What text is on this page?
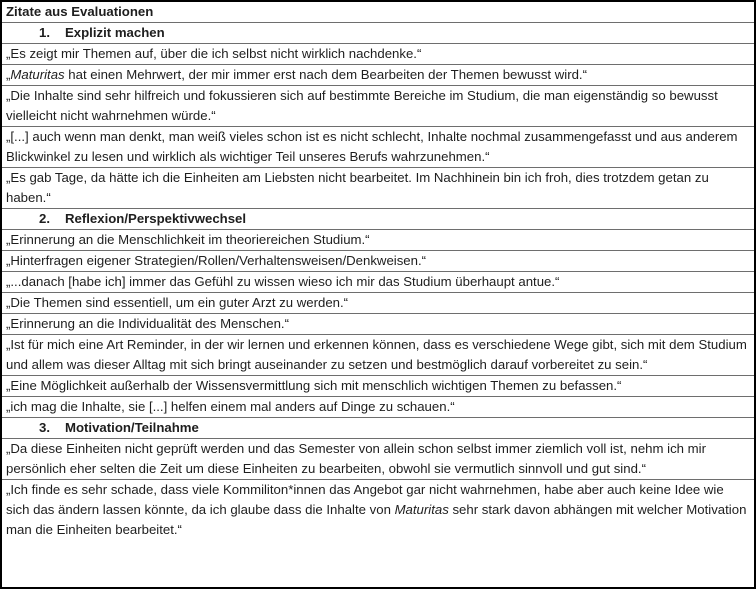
Zitate aus Evaluationen
1. Explizit machen
„Es zeigt mir Themen auf, über die ich selbst nicht wirklich nachdenke.“
„Maturitas hat einen Mehrwert, der mir immer erst nach dem Bearbeiten der Themen bewusst wird.“
„Die Inhalte sind sehr hilfreich und fokussieren sich auf bestimmte Bereiche im Studium, die man eigenständig so bewusst vielleicht nicht wahrnehmen würde.“
„[...] auch wenn man denkt, man weiß vieles schon ist es nicht schlecht, Inhalte nochmal zusammengefasst und aus anderem Blickwinkel zu lesen und wirklich als wichtiger Teil unseres Berufs wahrzunehmen.“
„Es gab Tage, da hätte ich die Einheiten am Liebsten nicht bearbeitet. Im Nachhinein bin ich froh, dies trotzdem getan zu haben.“
2. Reflexion/Perspektivwechsel
„Erinnerung an die Menschlichkeit im theoriereichen Studium.“
„Hinterfragen eigener Strategien/Rollen/Verhaltensweisen/Denkweisen.“
„...danach [habe ich] immer das Gefühl zu wissen wieso ich mir das Studium überhaupt antue.“
„Die Themen sind essentiell, um ein guter Arzt zu werden.“
„Erinnerung an die Individualität des Menschen.“
„Ist für mich eine Art Reminder, in der wir lernen und erkennen können, dass es verschiedene Wege gibt, sich mit dem Studium und allem was dieser Alltag mit sich bringt auseinander zu setzen und bestmöglich darauf vorbereitet zu sein.“
„Eine Möglichkeit außerhalb der Wissensvermittlung sich mit menschlich wichtigen Themen zu befassen.“
„ich mag die Inhalte, sie [...] helfen einem mal anders auf Dinge zu schauen.“
3. Motivation/Teilnahme
„Da diese Einheiten nicht geprüft werden und das Semester von allein schon selbst immer ziemlich voll ist, nehm ich mir persönlich eher selten die Zeit um diese Einheiten zu bearbeiten, obwohl sie vermutlich sinnvoll und gut sind.“
„Ich finde es sehr schade, dass viele Kommiliton*innen das Angebot gar nicht wahrnehmen, habe aber auch keine Idee wie sich das ändern lassen könnte, da ich glaube dass die Inhalte von Maturitas sehr stark davon abhängen mit welcher Motivation man die Einheiten bearbeitet.“
